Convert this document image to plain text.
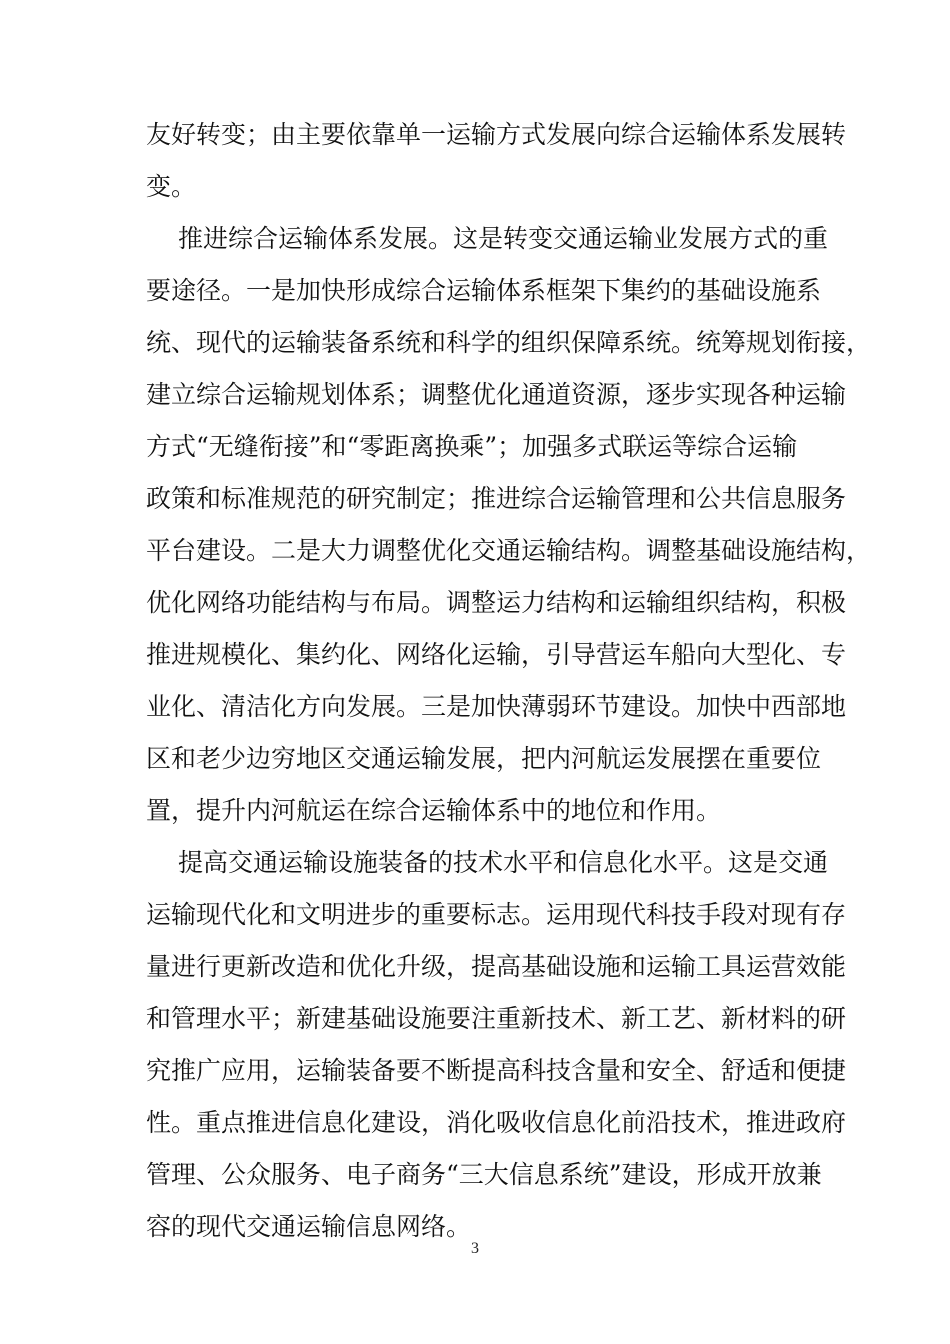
友好转变；由主要依靠单一运输方式发展向综合运输体系发展转
变。
推进综合运输体系发展。这是转变交通运输业发展方式的重
要途径。一是加快形成综合运输体系框架下集约的基础设施系
统、现代的运输装备系统和科学的组织保障系统。统筹规划衔接，
建立综合运输规划体系；调整优化通道资源，逐步实现各种运输
方式“无缝衔接”和“零距离换乘”；加强多式联运等综合运输
政策和标准规范的研究制定；推进综合运输管理和公共信息服务
平台建设。二是大力调整优化交通运输结构。调整基础设施结构，
优化网络功能结构与布局。调整运力结构和运输组织结构，积极
推进规模化、集约化、网络化运输，引导营运车船向大型化、专
业化、清洁化方向发展。三是加快薄弱环节建设。加快中西部地
区和老少边穷地区交通运输发展，把内河航运发展摆在重要位
置，提升内河航运在综合运输体系中的地位和作用。
提高交通运输设施装备的技术水平和信息化水平。这是交通
运输现代化和文明进步的重要标志。运用现代科技手段对现有存
量进行更新改造和优化升级，提高基础设施和运输工具运营效能
和管理水平；新建基础设施要注重新技术、新工艺、新材料的研
究推广应用，运输装备要不断提高科技含量和安全、舒适和便捷
性。重点推进信息化建设，消化吸收信息化前沿技术，推进政府
管理、公众服务、电子商务“三大信息系统”建设，形成开放兼
容的现代交通运输信息网络。
3
